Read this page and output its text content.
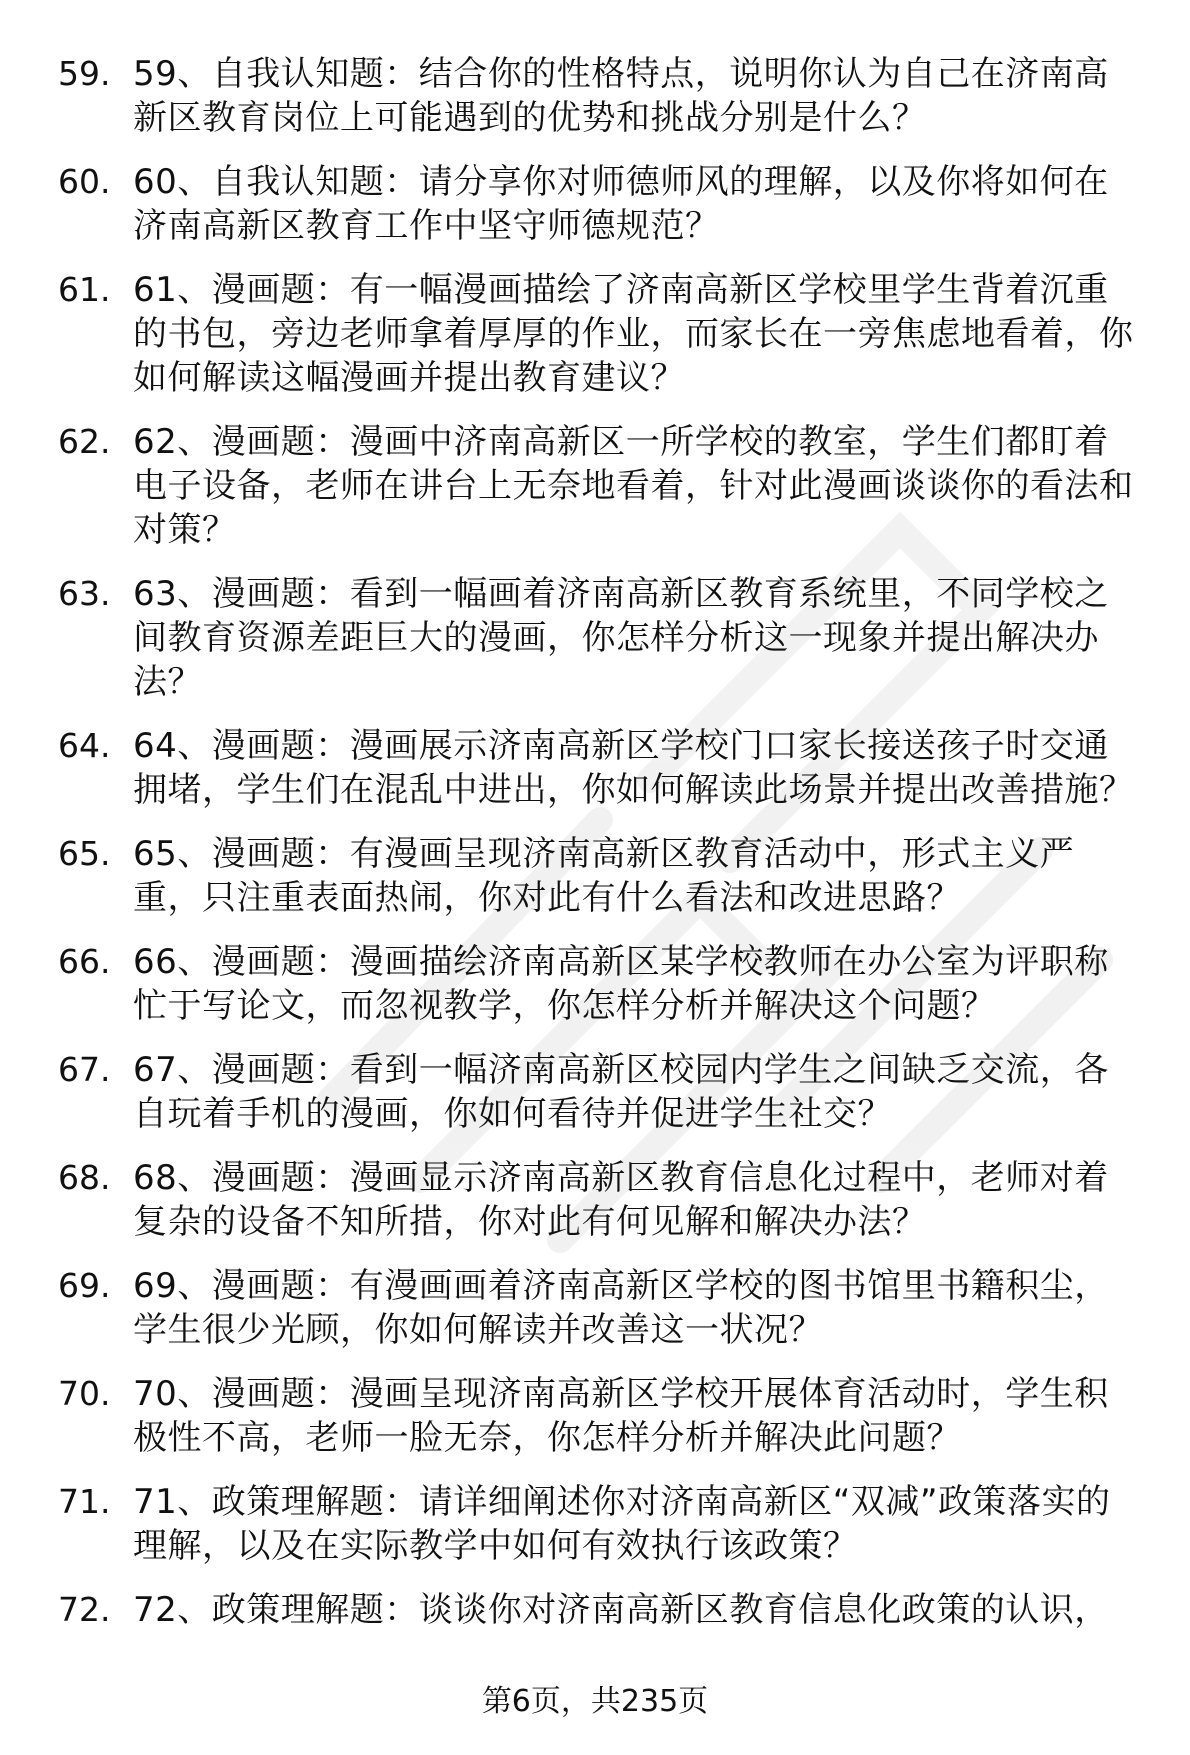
59. 59、自我认知题：结合你的性格特点，说明你认为自己在济南高新区教育岗位上可能遇到的优势和挑战分别是什么？
60. 60、自我认知题：请分享你对师德师风的理解，以及你将如何在济南高新区教育工作中坚守师德规范？
61. 61、漫画题：有一幅漫画描绘了济南高新区学校里学生背着沉重的书包，旁边老师拿着厚厚的作业，而家长在一旁焦虑地看着，你如何解读这幅漫画并提出教育建议？
62. 62、漫画题：漫画中济南高新区一所学校的教室，学生们都盯着电子设备，老师在讲台上无奈地看着，针对此漫画谈谈你的看法和对策？
63. 63、漫画题：看到一幅画着济南高新区教育系统里，不同学校之间教育资源差距巨大的漫画，你怎样分析这一现象并提出解决办法？
64. 64、漫画题：漫画展示济南高新区学校门口家长接送孩子时交通拥堵，学生们在混乱中进出，你如何解读此场景并提出改善措施？
65. 65、漫画题：有漫画呈现济南高新区教育活动中，形式主义严重，只注重表面热闹，你对此有什么看法和改进思路？
66. 66、漫画题：漫画描绘济南高新区某学校教师在办公室为评职称忙于写论文，而忽视教学，你怎样分析并解决这个问题？
67. 67、漫画题：看到一幅济南高新区校园内学生之间缺乏交流，各自玩着手机的漫画，你如何看待并促进学生社交？
68. 68、漫画题：漫画显示济南高新区教育信息化过程中，老师对着复杂的设备不知所措，你对此有何见解和解决办法？
69. 69、漫画题：有漫画画着济南高新区学校的图书馆里书籍积尘，学生很少光顾，你如何解读并改善这一状况？
70. 70、漫画题：漫画呈现济南高新区学校开展体育活动时，学生积极性不高，老师一脸无奈，你怎样分析并解决此问题？
71. 71、政策理解题：请详细阐述你对济南高新区“双减”政策落实的理解，以及在实际教学中如何有效执行该政策？
72. 72、政策理解题：谈谈你对济南高新区教育信息化政策的认识，
第6页，共235页
